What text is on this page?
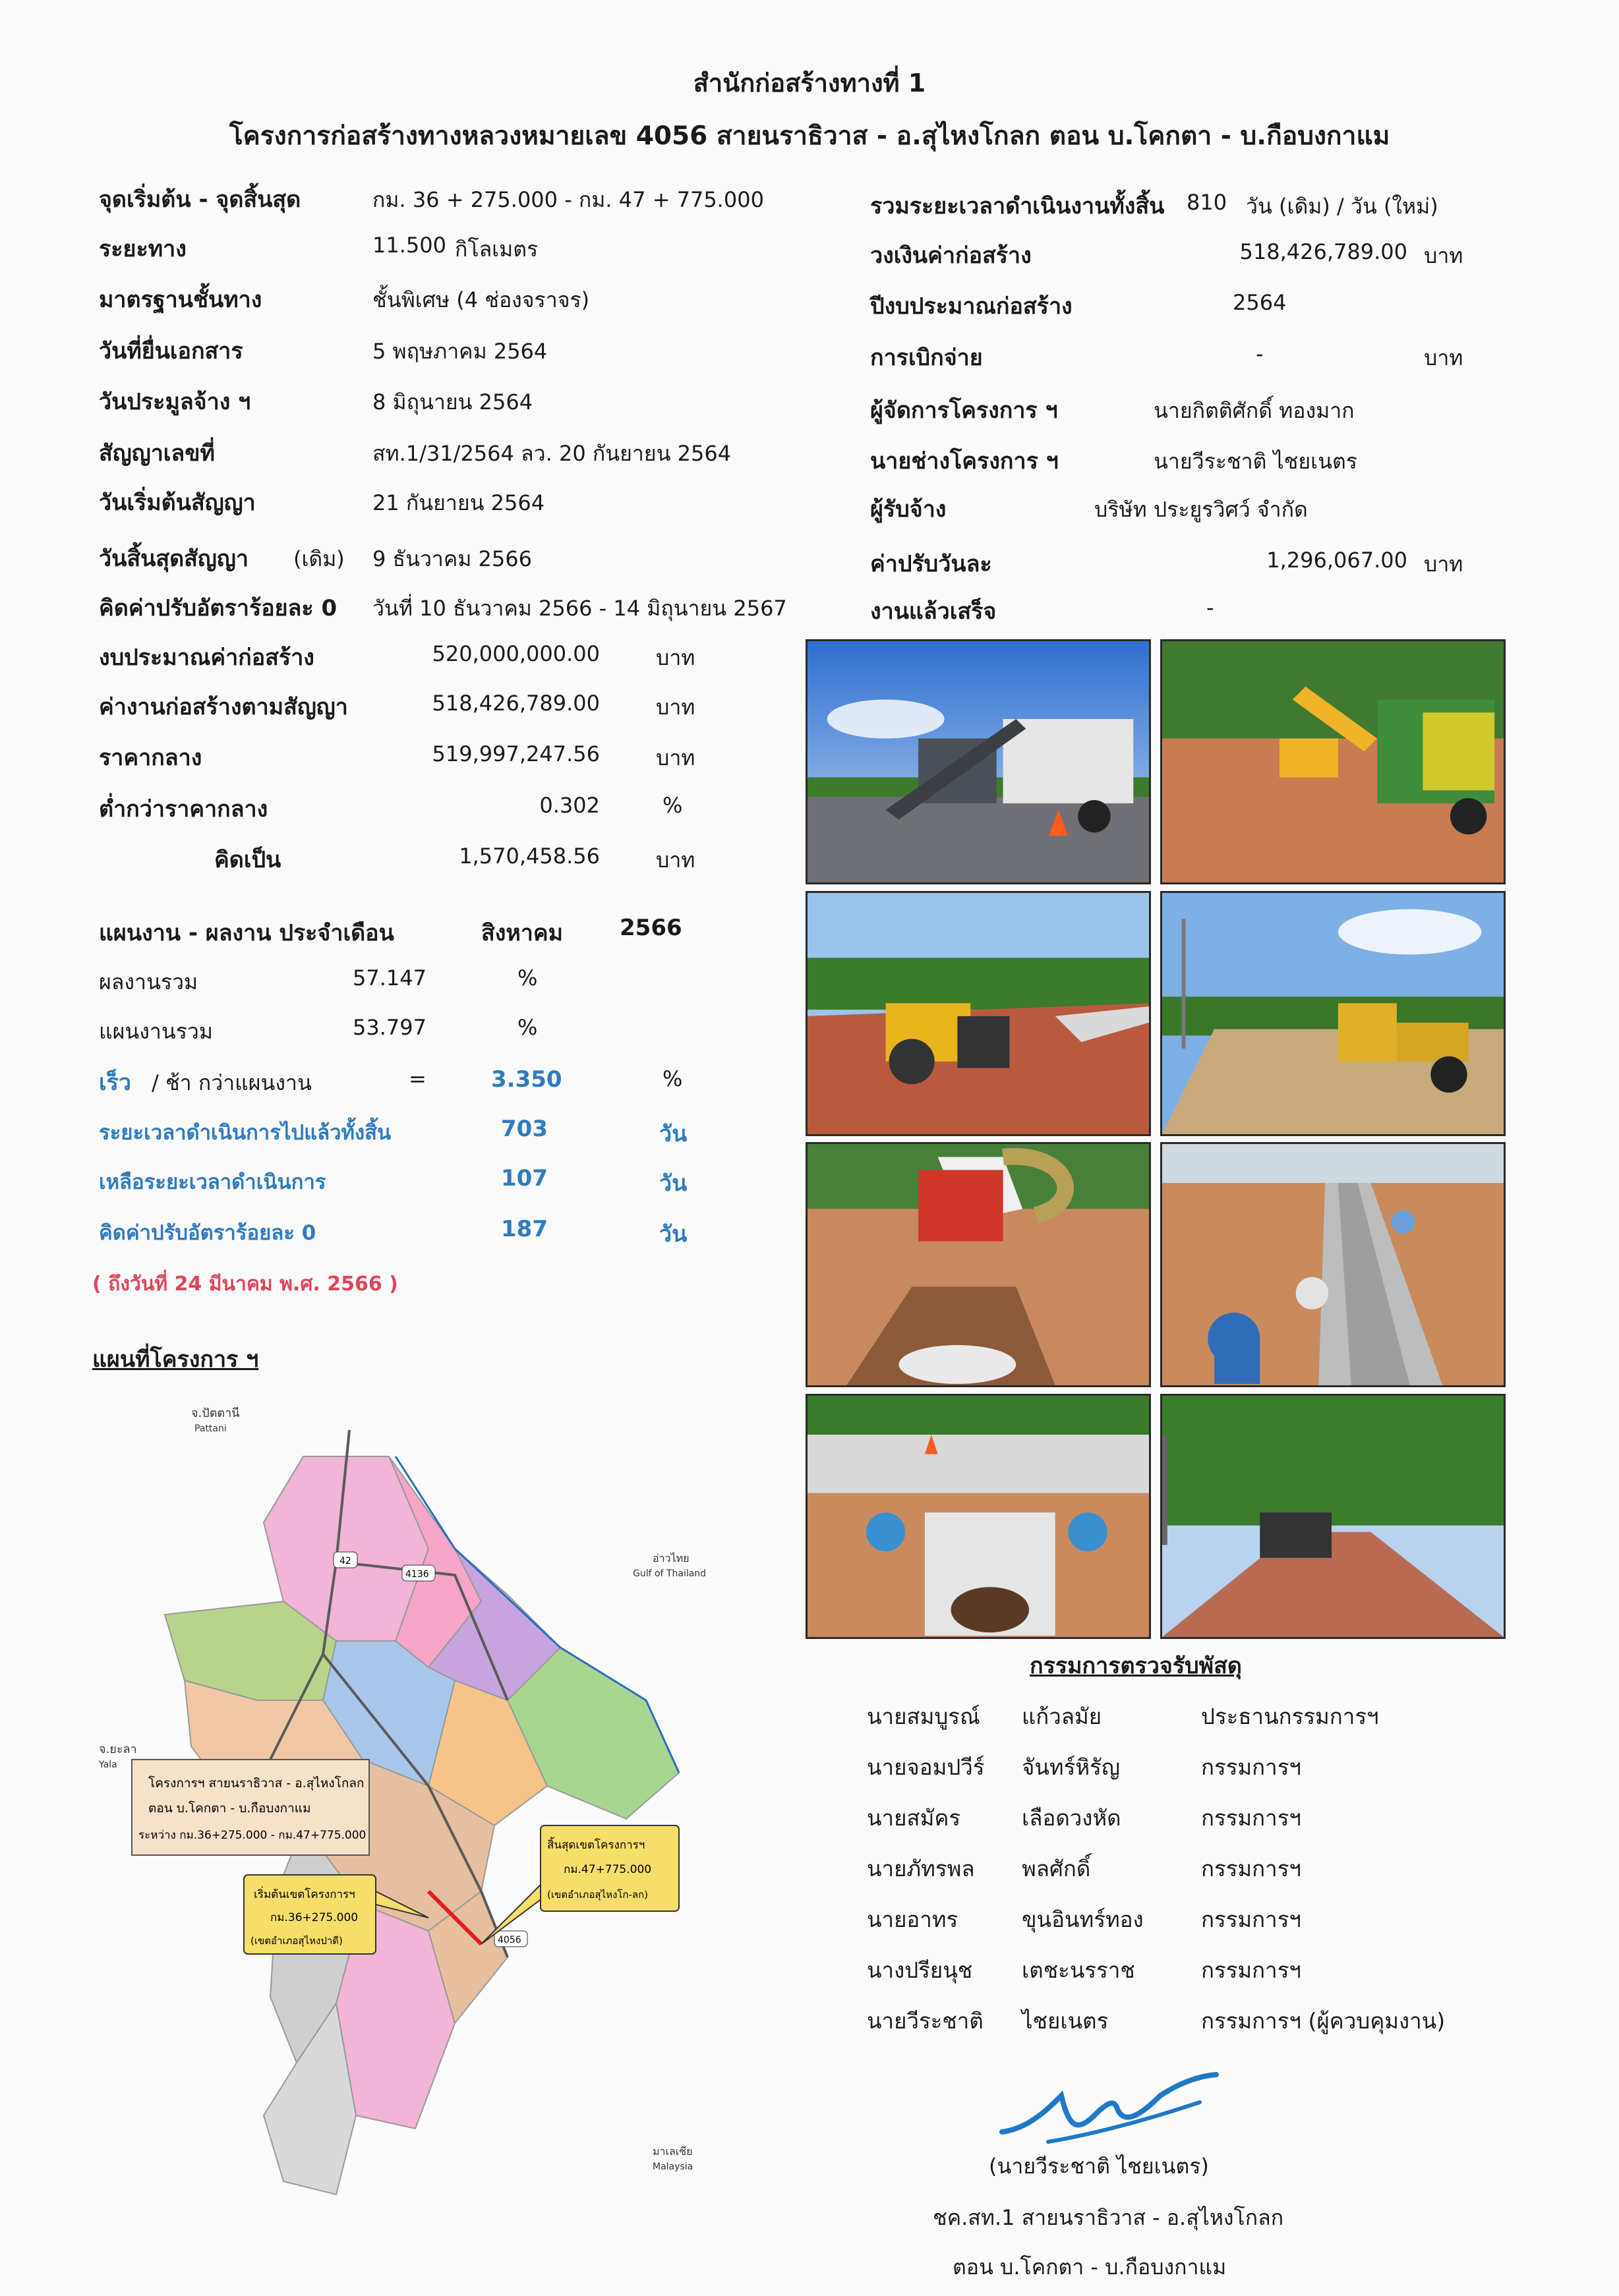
สำนักก่อสร้างทางที่ 1
โครงการก่อสร้างทางหลวงหมายเลข 4056 สายนราธิวาส - อ.สุไหงโกลก ตอน บ.โคกตา - บ.กือบงกาแม
จุดเริ่มต้น - จุดสิ้นสุด	กม. 36 + 275.000 - กม. 47 + 775.000
ระยะทาง	11.500 กิโลเมตร
มาตรฐานชั้นทาง	ชั้นพิเศษ (4 ช่องจราจร)
วันที่ยื่นเอกสาร	5 พฤษภาคม 2564
วันประมูลจ้าง ฯ	8 มิถุนายน 2564
สัญญาเลขที่	สท.1/31/2564 ลว. 20 กันยายน 2564
วันเริ่มต้นสัญญา	21 กันยายน 2564
วันสิ้นสุดสัญญา (เดิม) 9 ธันวาคม 2566
คิดค่าปรับอัตราร้อยละ 0 วันที่ 10 ธันวาคม 2566 - 14 มิถุนายน 2567
งบประมาณค่าก่อสร้าง	520,000,000.00	บาท
ค่างานก่อสร้างตามสัญญา	518,426,789.00	บาท
ราคากลาง	519,997,247.56	บาท
ต่ำกว่าราคากลาง	0.302	%
คิดเป็น	1,570,458.56	บาท
รวมระยะเวลาดำเนินงานทั้งสิ้น 810 วัน (เดิม) / วัน (ใหม่)
วงเงินค่าก่อสร้าง	518,426,789.00 บาท
ปีงบประมาณก่อสร้าง	2564
การเบิกจ่าย	-	บาท
ผู้จัดการโครงการ ฯ	นายกิตติศักดิ์ ทองมาก
นายช่างโครงการ ฯ	นายวีระชาติ ไชยเนตร
ผู้รับจ้าง	บริษัท ประยูรวิศว์ จำกัด
ค่าปรับวันละ	1,296,067.00 บาท
งานแล้วเสร็จ	-
แผนงาน - ผลงาน ประจำเดือน	สิงหาคม	2566
ผลงานรวม	57.147	%
แผนงานรวม	53.797	%
เร็ว / ช้า กว่าแผนงาน	=	3.350	%
ระยะเวลาดำเนินการไปแล้วทั้งสิ้น	703	วัน
เหลือระยะเวลาดำเนินการ	107	วัน
คิดค่าปรับอัตราร้อยละ 0	187	วัน
( ถึงวันที่ 24 มีนาคม พ.ศ. 2566 )
แผนที่โครงการ ฯ
จ.ปัตตานี
Pattani
อ่าวไทย
Gulf of Thailand
จ.ยะลา
Yala
มาเลเซีย
Malaysia
42
4136
4056
โครงการฯ สายนราธิวาส - อ.สุไหงโกลก
ตอน บ.โคกตา - บ.กือบงกาแม
ระหว่าง กม.36+275.000 - กม.47+775.000
เริ่มต้นเขตโครงการฯ
กม.36+275.000
(เขตอำเภอสุไหงปาดี)
สิ้นสุดเขตโครงการฯ
กม.47+775.000
(เขตอำเภอสุไหงโก-ลก)
กรรมการตรวจรับพัสดุ
นายสมบูรณ์ แก้วลมัย	ประธานกรรมการฯ
นายจอมปวีร์ จันทร์หิรัญ	กรรมการฯ
นายสมัคร	เลือดวงหัด	กรรมการฯ
นายภัทรพล พลศักดิ์	กรรมการฯ
นายอาทร	ขุนอินทร์ทอง	กรรมการฯ
นางปรียนุช เตชะนรราช	กรรมการฯ
นายวีระชาติ ไชยเนตร	กรรมการฯ (ผู้ควบคุมงาน)
(นายวีระชาติ ไชยเนตร)
ชค.สท.1 สายนราธิวาส - อ.สุไหงโกลก
ตอน บ.โคกตา - บ.กือบงกาแม
